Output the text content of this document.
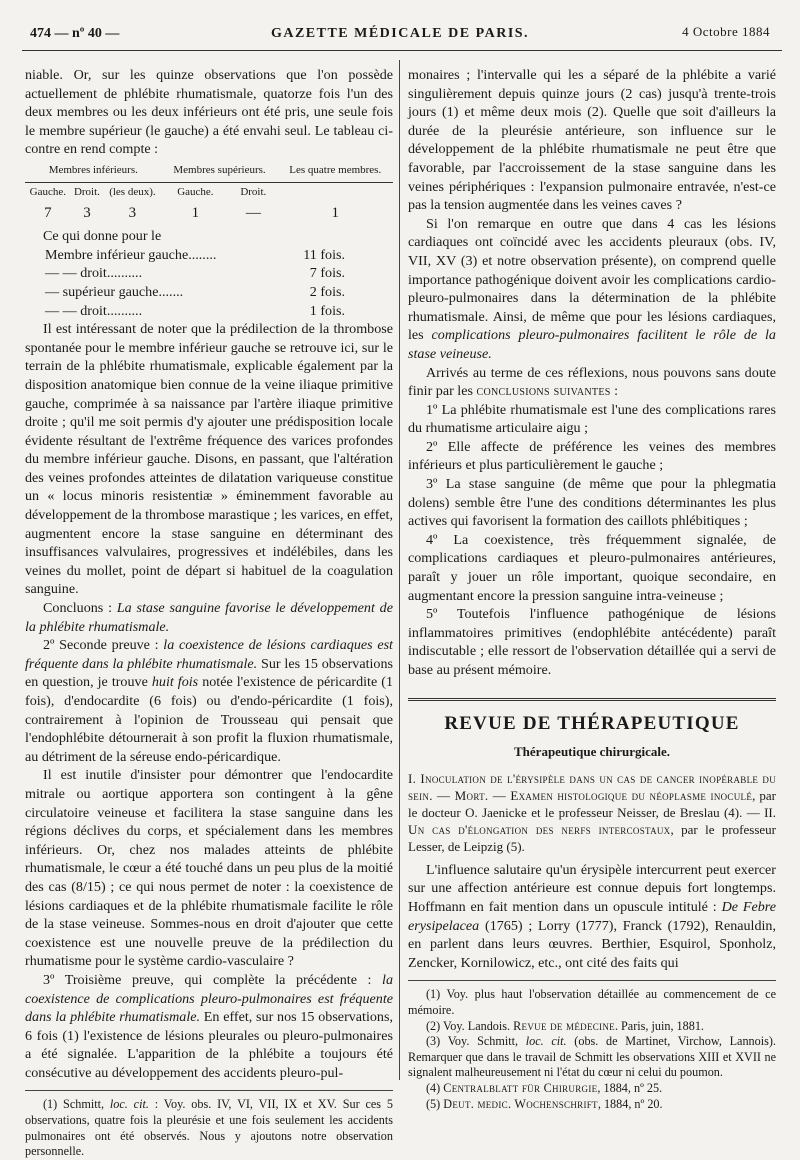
474 — nº 40 —	GAZETTE MÉDICALE DE PARIS.	4 Octobre 1884

niable. Or, sur les quinze observations que l'on possède actuellement de phlébite rhumatismale, quatorze fois l'un des deux membres ou les deux inférieurs ont été pris, une seule fois le membre supérieur (le gauche) a été envahi seul. Le tableau ci-contre en rend compte :

Membres inférieurs.			Membres supérieurs.		Les quatre membres.
Gauche.	Droit.	(les deux).	Gauche.	Droit.	
7	3	3	1	—	1

Ce qui donne pour le

Membre inférieur gauche........	11 fois.
— — droit..........	7 fois.
— supérieur gauche.......	2 fois.
— — droit..........	1 fois.

Il est intéressant de noter que la prédilection de la thrombose spontanée pour le membre inférieur gauche se retrouve ici, sur le terrain de la phlébite rhumatismale, explicable également par la disposition anatomique bien connue de la veine iliaque primitive gauche, comprimée à sa naissance par l'artère iliaque primitive droite ; qu'il me soit permis d'y ajouter une prédisposition locale évidente résultant de l'extrême fréquence des varices profondes du membre inférieur gauche. Disons, en passant, que l'altération des veines profondes atteintes de dilatation variqueuse constitue un « locus minoris resistentiæ » éminemment favorable au développement de la thrombose marastique ; les varices, en effet, augmentent encore la stase sanguine en déterminant des insuffisances valvulaires, progressives et indélébiles, dans les veines du mollet, point de départ si habituel de la coagulation sanguine.

Concluons : La stase sanguine favorise le développement de la phlébite rhumatismale.

2º Seconde preuve : la coexistence de lésions cardiaques est fréquente dans la phlébite rhumatismale. Sur les 15 observations en question, je trouve huit fois notée l'existence de péricardite (1 fois), d'endocardite (6 fois) ou d'endo-péricardite (1 fois), contrairement à l'opinion de Trousseau qui pensait que l'endophlébite détournerait à son profit la fluxion rhumatismale, au détriment de la séreuse endo-péricardique.

Il est inutile d'insister pour démontrer que l'endocardite mitrale ou aortique apportera son contingent à la gêne circulatoire veineuse et facilitera la stase sanguine dans les régions déclives du corps, et spécialement dans les membres inférieurs. Or, chez nos malades atteints de phlébite rhumatismale, le cœur a été touché dans un peu plus de la moitié des cas (8/15) ; ce qui nous permet de noter : la coexistence de lésions cardiaques et de la phlébite rhumatismale facilite le rôle de la stase veineuse. Sommes-nous en droit d'ajouter que cette coexistence est une nouvelle preuve de la prédilection du rhumatisme pour le système cardio-vasculaire ?

3º Troisième preuve, qui complète la précédente : la coexistence de complications pleuro-pulmonaires est fréquente dans la phlébite rhumatismale. En effet, sur nos 15 observations, 6 fois (1) l'existence de lésions pleurales ou pleuro-pulmonaires a été signalée. L'apparition de la phlébite a toujours été consécutive au développement des accidents pleuro-pul-

(1) Schmitt, loc. cit. : Voy. obs. IV, VI, VII, IX et XV. Sur ces 5 observations, quatre fois la pleurésie et une fois seulement les accidents pulmonaires ont été observés. Nous y ajoutons notre observation personnelle.

monaires ; l'intervalle qui les a séparé de la phlébite a varié singulièrement depuis quinze jours (2 cas) jusqu'à trente-trois jours (1) et même deux mois (2). Quelle que soit d'ailleurs la durée de la pleurésie antérieure, son influence sur le développement de la phlébite rhumatismale ne peut être que favorable, par l'accroissement de la stase sanguine dans les veines périphériques : l'expansion pulmonaire entravée, n'est-ce pas la tension augmentée dans les veines caves ?

Si l'on remarque en outre que dans 4 cas les lésions cardiaques ont coïncidé avec les accidents pleuraux (obs. IV, VII, XV (3) et notre observation présente), on comprend quelle importance pathogénique doivent avoir les complications cardio-pleuro-pulmonaires dans la détermination de la phlébite rhumatismale. Ainsi, de même que pour les lésions cardiaques, les complications pleuro-pulmonaires facilitent le rôle de la stase veineuse.

Arrivés au terme de ces réflexions, nous pouvons sans doute finir par les conclusions suivantes :

1º La phlébite rhumatismale est l'une des complications rares du rhumatisme articulaire aigu ;

2º Elle affecte de préférence les veines des membres inférieurs et plus particulièrement le gauche ;

3º La stase sanguine (de même que pour la phlegmatia dolens) semble être l'une des conditions déterminantes les plus actives qui favorisent la formation des caillots phlébitiques ;

4º La coexistence, très fréquemment signalée, de complications cardiaques et pleuro-pulmonaires antérieures, paraît y jouer un rôle important, quoique secondaire, en augmentant encore la pression sanguine intra-veineuse ;

5º Toutefois l'influence pathogénique de lésions inflammatoires primitives (endophlébite antécédente) paraît indiscutable ; elle ressort de l'observation détaillée qui a servi de base au présent mémoire.

REVUE DE THÉRAPEUTIQUE
Thérapeutique chirurgicale.

I. Inoculation de l'érysipèle dans un cas de cancer inopérable du sein. — Mort. — Examen histologique du néoplasme inoculé, par le docteur O. Jaenicke et le professeur Neisser, de Breslau (4). — II. Un cas d'élongation des nerfs intercostaux, par le professeur Lesser, de Leipzig (5).

L'influence salutaire qu'un érysipèle intercurrent peut exercer sur une affection antérieure est connue depuis fort longtemps. Hoffmann en fait mention dans un opuscule intitulé : De Febre erysipelacea (1765) ; Lorry (1777), Franck (1792), Renauldin, en parlent dans leurs œuvres. Berthier, Esquirol, Sponholz, Zencker, Kornilowicz, etc., ont cité des faits qui

(1) Voy. plus haut l'observation détaillée au commencement de ce mémoire.

(2) Voy. Landois. Revue de médecine. Paris, juin, 1881.

(3) Voy. Schmitt, loc. cit. (obs. de Martinet, Virchow, Lannois). Remarquer que dans le travail de Schmitt les observations XIII et XVII ne signalent malheureusement ni l'état du cœur ni celui du poumon.

(4) Centralblatt für Chirurgie, 1884, nº 25.

(5) Deut. medic. Wochenschrift, 1884, nº 20.
